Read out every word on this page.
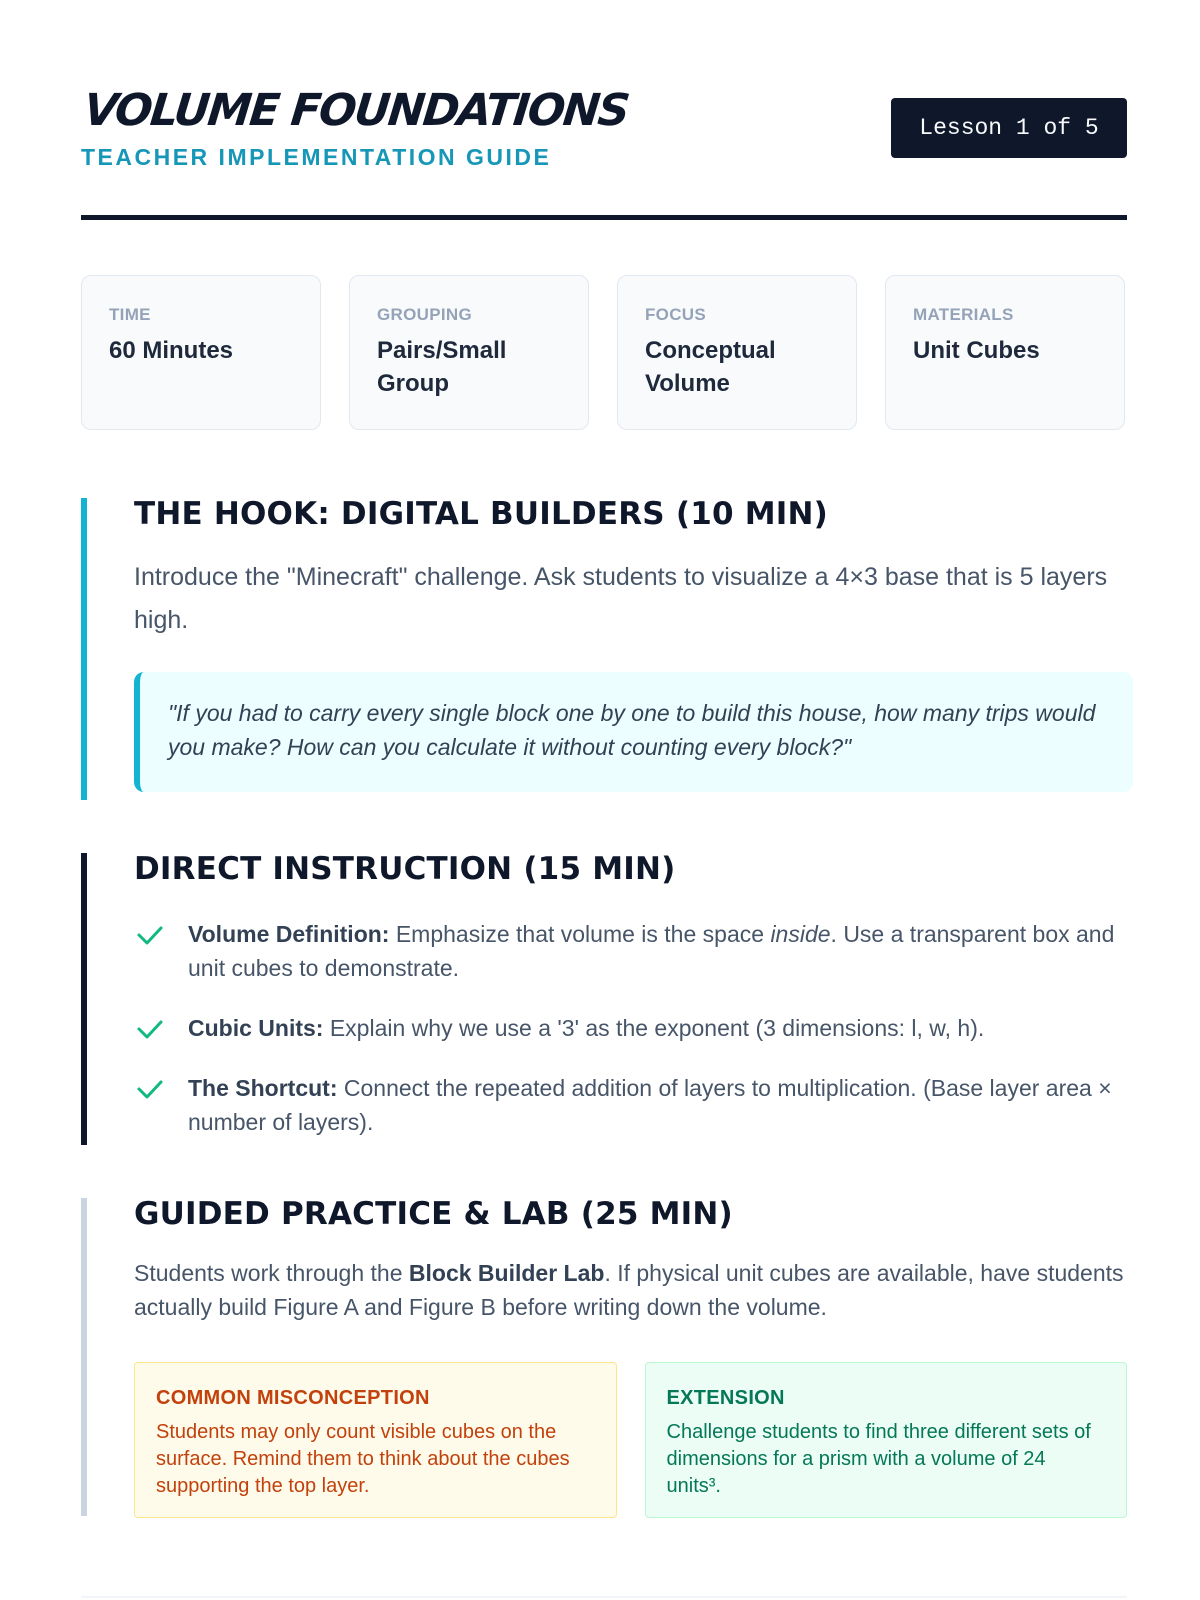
VOLUME FOUNDATIONS
TEACHER IMPLEMENTATION GUIDE
Lesson 1 of 5
TIME
60 Minutes
GROUPING
Pairs/Small Group
FOCUS
Conceptual Volume
MATERIALS
Unit Cubes
THE HOOK: DIGITAL BUILDERS (10 MIN)

Introduce the "Minecraft" challenge. Ask students to visualize a 4×3 base that is 5 layers high.

"If you had to carry every single block one by one to build this house, how many trips would you make? How can you calculate it without counting every block?"
DIRECT INSTRUCTION (15 MIN)
Volume Definition: Emphasize that volume is the space inside. Use a transparent box and unit cubes to demonstrate.
Cubic Units: Explain why we use a '3' as the exponent (3 dimensions: l, w, h).
The Shortcut: Connect the repeated addition of layers to multiplication. (Base layer area × number of layers).
GUIDED PRACTICE & LAB (25 MIN)

Students work through the Block Builder Lab. If physical unit cubes are available, have students actually build Figure A and Figure B before writing down the volume.

COMMON MISCONCEPTION
Students may only count visible cubes on the surface. Remind them to think about the cubes supporting the top layer.
EXTENSION
Challenge students to find three different sets of dimensions for a prism with a volume of 24 units³.
